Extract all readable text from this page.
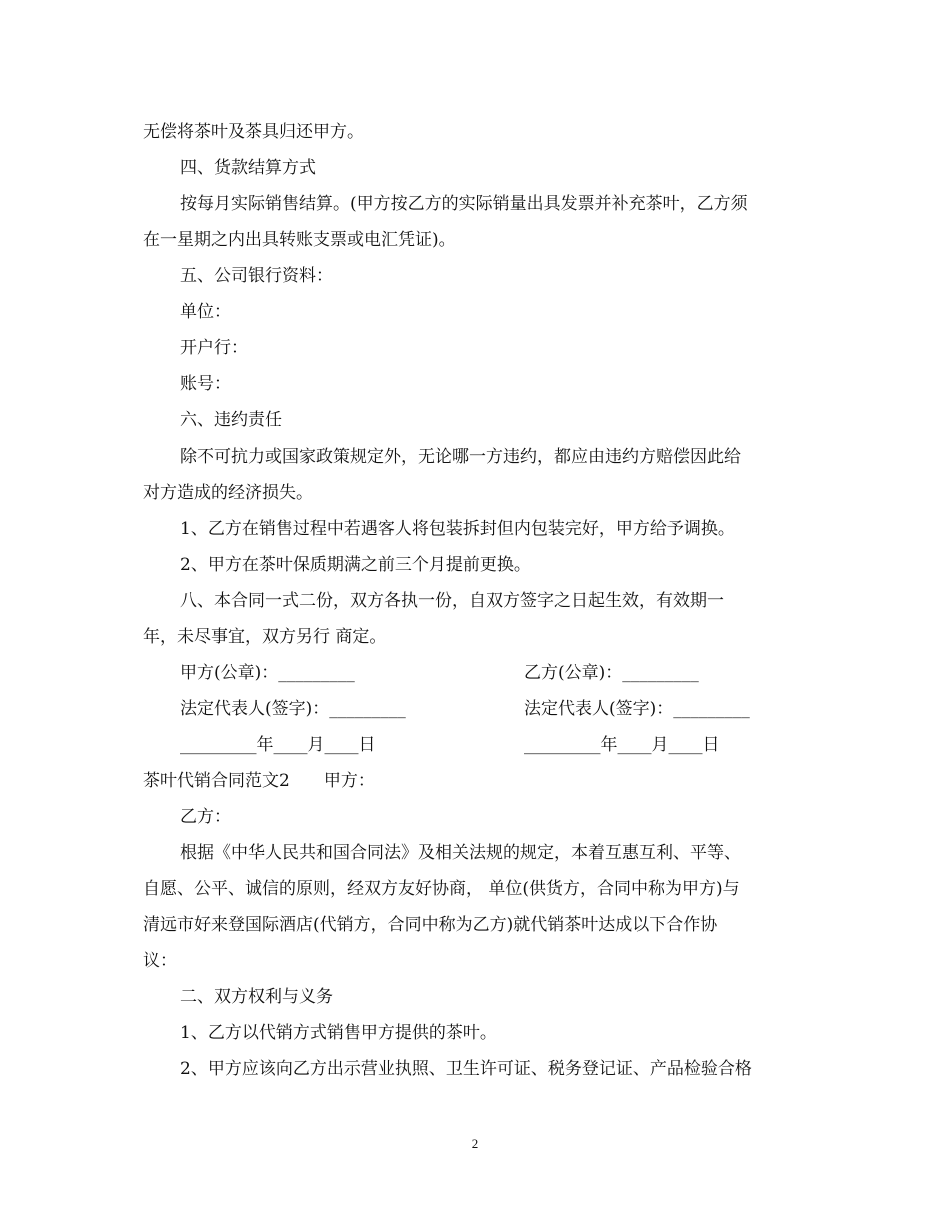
无偿将茶叶及茶具归还甲方。
四、货款结算方式
按每月实际销售结算。(甲方按乙方的实际销量出具发票并补充茶叶，乙方须
在一星期之内出具转账支票或电汇凭证)。
五、公司银行资料：
单位：
开户行：
账号：
六、违约责任
除不可抗力或国家政策规定外，无论哪一方违约，都应由违约方赔偿因此给
对方造成的经济损失。
1、乙方在销售过程中若遇客人将包装拆封但内包装完好，甲方给予调换。
2、甲方在茶叶保质期满之前三个月提前更换。
八、本合同一式二份，双方各执一份，自双方签字之日起生效，有效期一
年，未尽事宜，双方另行 商定。
甲方(公章)：_________	乙方(公章)：_________
法定代表人(签字)：_________	法定代表人(签字)：_________
_________年____月____日	_________年____月____日
茶叶代销合同范文2　　甲方：
乙方：
根据《中华人民共和国合同法》及相关法规的规定，本着互惠互利、平等、
自愿、公平、诚信的原则，经双方友好协商， 单位(供货方，合同中称为甲方)与
清远市好来登国际酒店(代销方，合同中称为乙方)就代销茶叶达成以下合作协
议：
二、双方权利与义务
1、乙方以代销方式销售甲方提供的茶叶。
2、甲方应该向乙方出示营业执照、卫生许可证、税务登记证、产品检验合格
2
